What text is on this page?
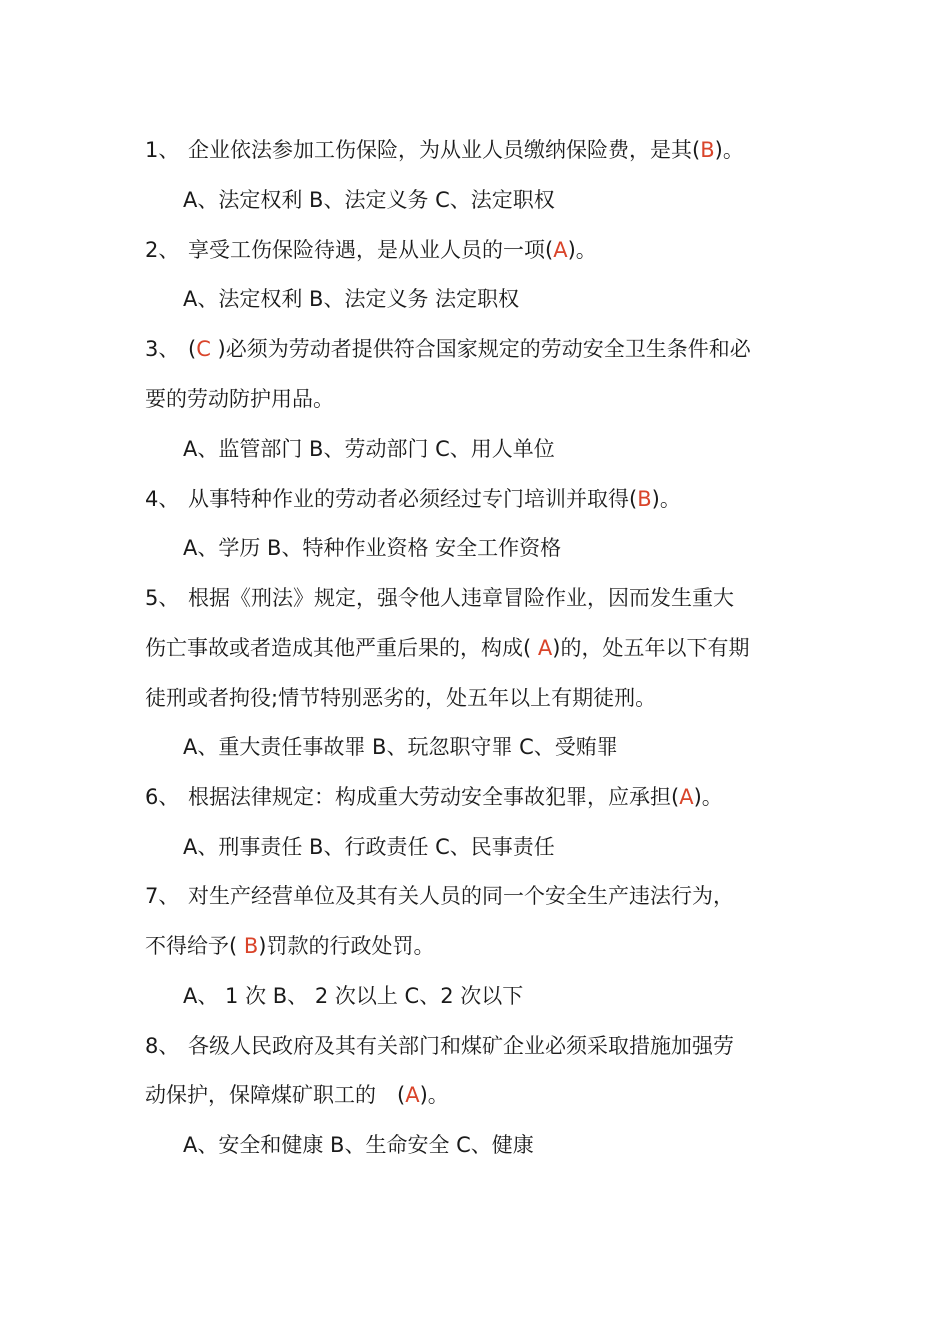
1、 企业依法参加工伤保险，为从业人员缴纳保险费，是其(B)。
A、法定权利 B、法定义务 C、法定职权
2、 享受工伤保险待遇，是从业人员的一项(A)。
A、法定权利 B、法定义务 法定职权
3、 (C )必须为劳动者提供符合国家规定的劳动安全卫生条件和必
要的劳动防护用品。
A、监管部门 B、劳动部门 C、用人单位
4、 从事特种作业的劳动者必须经过专门培训并取得(B)。
A、学历 B、特种作业资格 安全工作资格
5、 根据《刑法》规定，强令他人违章冒险作业，因而发生重大
伤亡事故或者造成其他严重后果的，构成( A)的，处五年以下有期
徒刑或者拘役;情节特别恶劣的，处五年以上有期徒刑。
A、重大责任事故罪 B、玩忽职守罪 C、受贿罪
6、 根据法律规定：构成重大劳动安全事故犯罪，应承担(A)。
A、刑事责任 B、行政责任 C、民事责任
7、 对生产经营单位及其有关人员的同一个安全生产违法行为，
不得给予( B)罚款的行政处罚。
A、 1 次 B、 2 次以上 C、2 次以下
8、 各级人民政府及其有关部门和煤矿企业必须采取措施加强劳
动保护，保障煤矿职工的　(A)。
A、安全和健康 B、生命安全 C、健康
